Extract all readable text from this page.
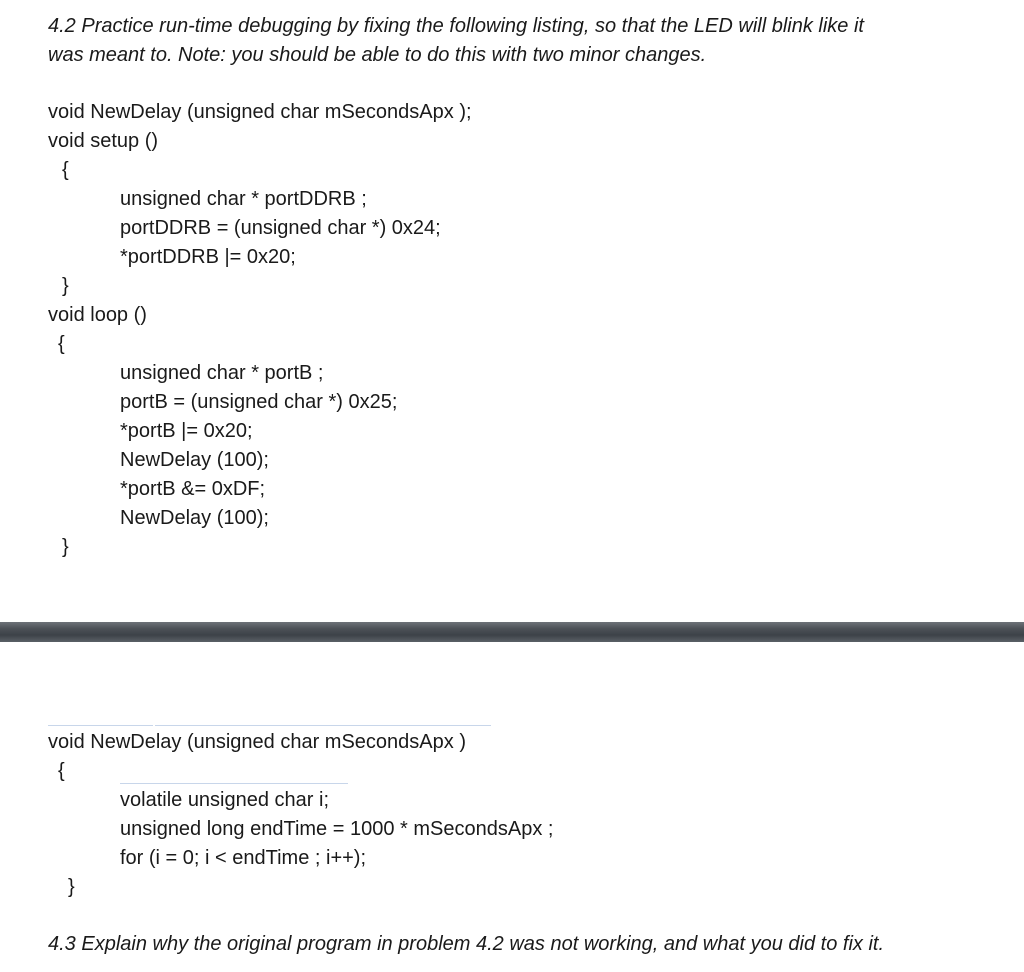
4.2 Practice run-time debugging by fixing the following listing, so that the LED will blink like it

was meant to. Note: you should be able to do this with two minor changes.

void NewDelay (unsigned char mSecondsApx );

void setup ()

{

unsigned char * portDDRB ;

portDDRB = (unsigned char *) 0x24;

*portDDRB |= 0x20;

}

void loop ()

{

unsigned char * portB ;

portB = (unsigned char *) 0x25;

*portB |= 0x20;

NewDelay (100);

*portB &= 0xDF;

NewDelay (100);

}

void NewDelay (unsigned char mSecondsApx )

{

volatile unsigned char i;

unsigned long endTime = 1000 * mSecondsApx ;

for (i = 0; i < endTime ; i++);

}

4.3 Explain why the original program in problem 4.2 was not working, and what you did to fix it.
